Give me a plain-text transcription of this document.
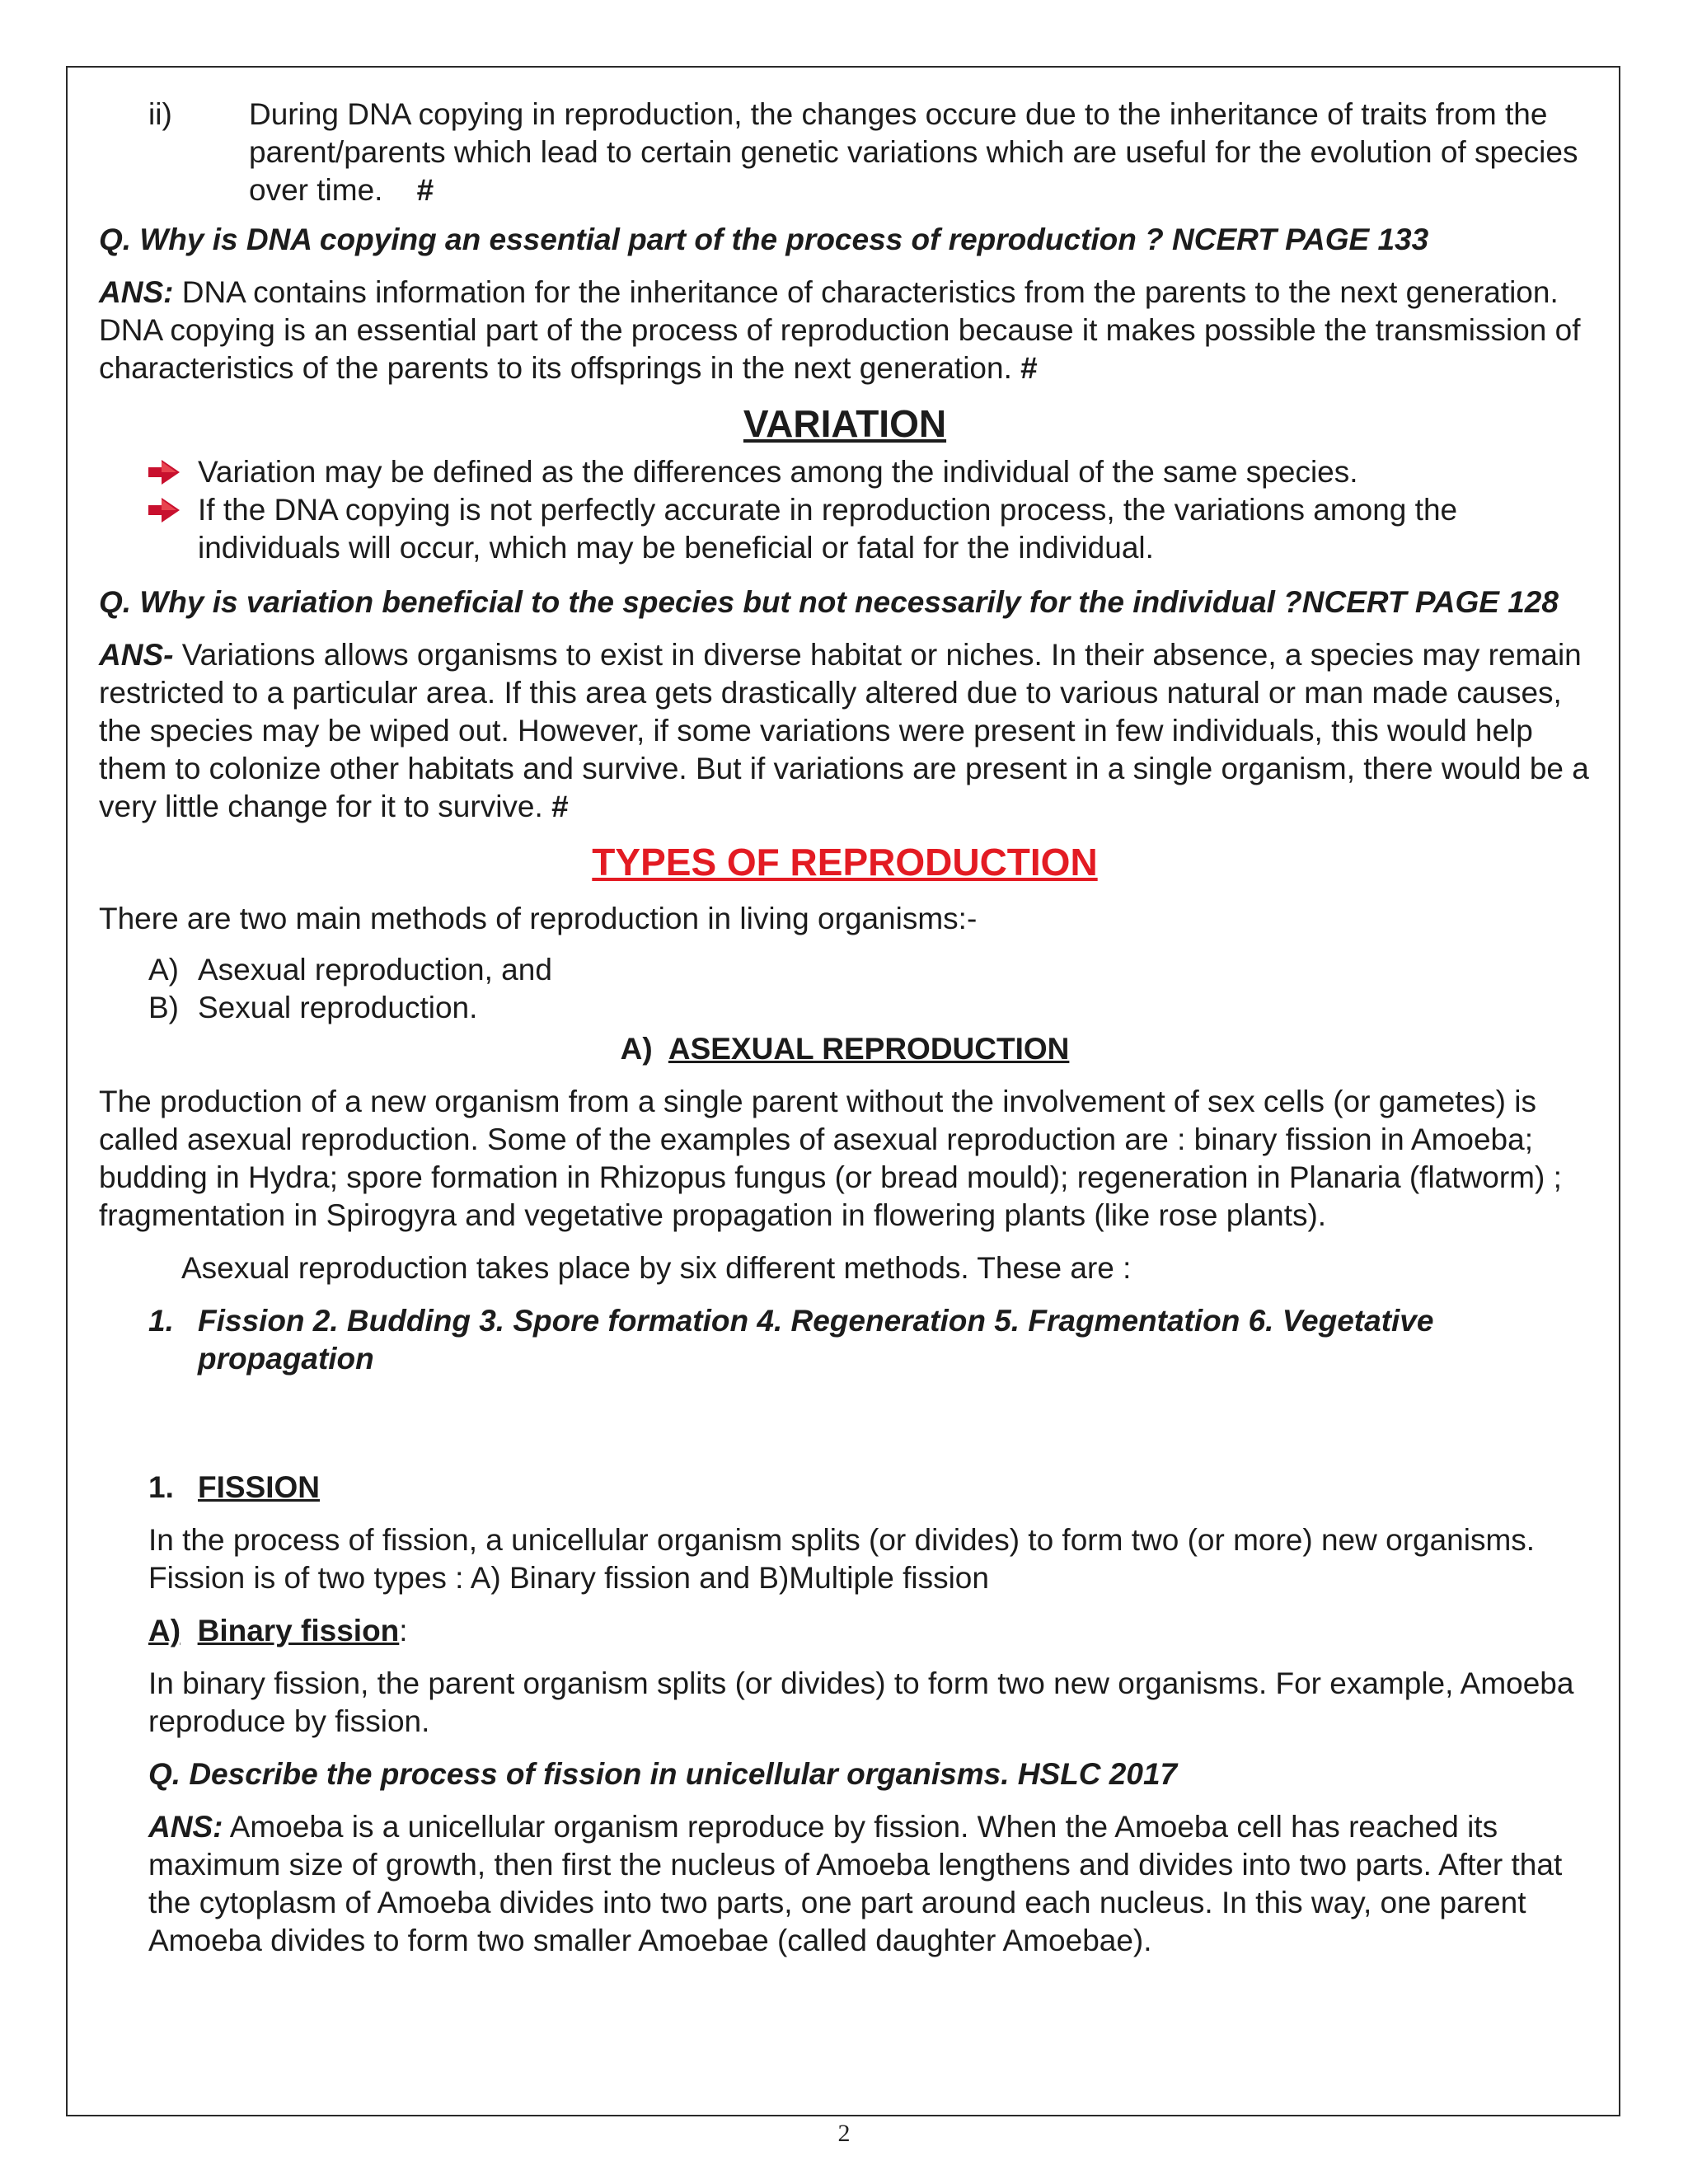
ii)	During DNA copying in reproduction, the changes occure due to the inheritance of traits from the parent/parents which lead to certain genetic variations which are useful for the evolution of species over time. #

Q. Why is DNA copying an essential part of the process of reproduction ? NCERT PAGE 133

ANS: DNA contains information for the inheritance of characteristics from the parents to the next generation. DNA copying is an essential part of the process of reproduction because it makes possible the transmission of characteristics of the parents to its offsprings in the next generation. #

VARIATION
Variation may be defined as the differences among the individual of the same species.
If the DNA copying is not perfectly accurate in reproduction process, the variations among the individuals will occur, which may be beneficial or fatal for the individual.

Q. Why is variation beneficial to the species but not necessarily for the individual ?NCERT PAGE 128

ANS- Variations allows organisms to exist in diverse habitat or niches. In their absence, a species may remain restricted to a particular area. If this area gets drastically altered due to various natural or man made causes, the species may be wiped out. However, if some variations were present in few individuals, this would help them to colonize other habitats and survive. But if variations are present in a single organism, there would be a very little change for it to survive. #

TYPES OF REPRODUCTION

There are two main methods of reproduction in living organisms:-

A) Asexual reproduction, and
B) Sexual reproduction.
A) ASEXUAL REPRODUCTION

The production of a new organism from a single parent without the involvement of sex cells (or gametes) is called asexual reproduction. Some of the examples of asexual reproduction are : binary fission in Amoeba; budding in Hydra; spore formation in Rhizopus fungus (or bread mould); regeneration in Planaria (flatworm) ; fragmentation in Spirogyra and vegetative propagation in flowering plants (like rose plants).

Asexual reproduction takes place by six different methods. These are :

1. Fission 2. Budding 3. Spore formation 4. Regeneration 5. Fragmentation 6. Vegetative propagation
1. FISSION

In the process of fission, a unicellular organism splits (or divides) to form two (or more) new organisms. Fission is of two types : A) Binary fission and B)Multiple fission

A) Binary fission:

In binary fission, the parent organism splits (or divides) to form two new organisms. For example, Amoeba reproduce by fission.

Q. Describe the process of fission in unicellular organisms. HSLC 2017

ANS: Amoeba is a unicellular organism reproduce by fission. When the Amoeba cell has reached its maximum size of growth, then first the nucleus of Amoeba lengthens and divides into two parts. After that the cytoplasm of Amoeba divides into two parts, one part around each nucleus. In this way, one parent Amoeba divides to form two smaller Amoebae (called daughter Amoebae).

2
